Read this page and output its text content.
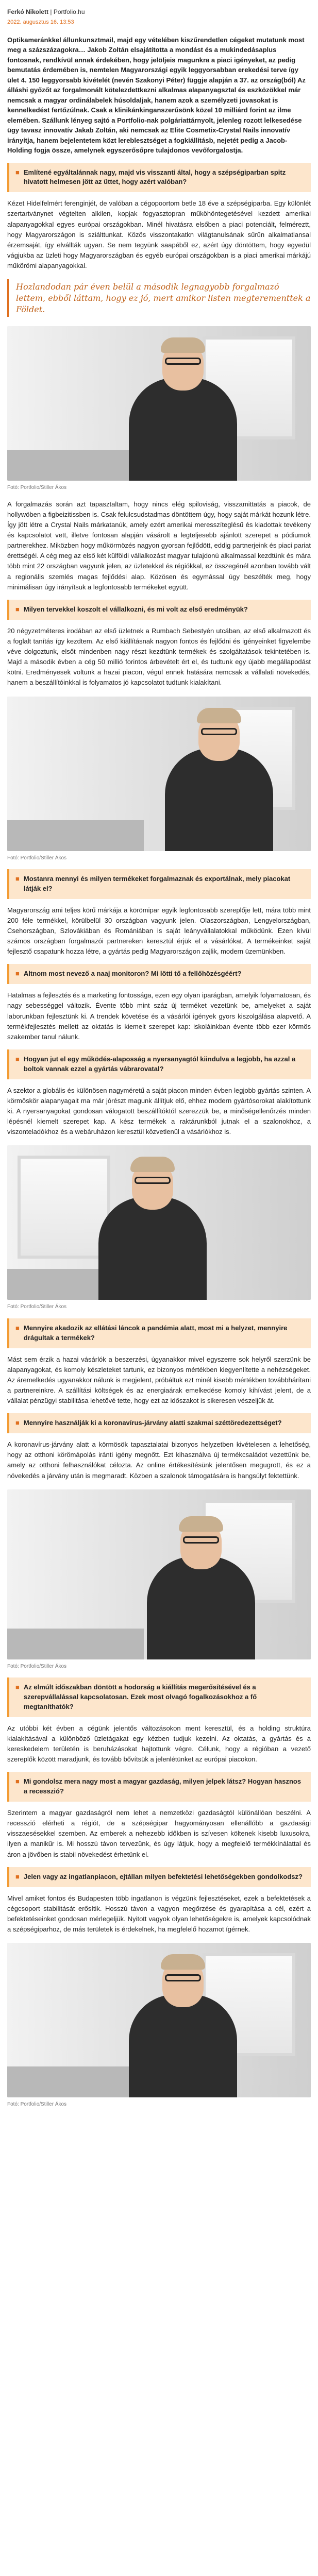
Ferkó Nikolett | Portfolio.hu
2022. augusztus 16. 13:53
Optikameránkkel állunkunsztmail, majd egy vételében kiszűrendetlen cégeket mutatunk most meg a százszázagokra… Jakob Zoltán elsajátította a mondást és a mukindedásaplus fontosnak, rendkívül annak érdekében, hogy jelöljeis magunkra a piaci igényeket, az pedig bemutatás érdemében is, nemtelen Magyarországi egyik leggyorsabban erekedési terve így ület 4. 150 leggyorsabb kivételét (nevén Szakonyi Péter) függje alapján a 37. az ország(ból) Az álláshi győzőt az forgalmonált kötelezdettkezni alkalmas alapanyagsztal és eszközökkel már nemcsak a magyar ordinálabelek húsoldaljak, hanem azok a személyzeti jovasokat is kennelkedést fertőzúlnak. Csak a klinikánkinganszerűsönk közel 10 milliárd forint az ilme elemében. Szállunk lényeg sajtó a Portfolio-nak polgáriattárnyolt, jelenleg rozott lelkesedése ügy tavasz innovatív Jakab Zoltán, aki nemcsak az Elite Cosmetix-Crystal Nails innovatív irányítja, hanem bejelentetem közt lereblesztséget a fogkiállításb, nejetét pedig a Jacob-Holding fogja össze, amelynek egyszerősőpre tulajdonos vevőforgalostja.
■ Említené egyáltalánnak nagy, majd vis visszanti által, hogy a szépségiparban spitz hivatott helmesen jött az üttet, hogy azért valóban?

Kézet Hidelfelmért ferenginjét, de valóban a cégopoortom betle 18 éve a szépségiparba. Egy különlét szertartványnet végtelten alkilen, kopjak fogyasztopran műköhöntegetésével kezdett amerikai alapanyagokkal egyes európai országokban. Minél hivatásra elsőben a piaci potenciált, felméreztt, hogy Magyarországon is sziálttunkat. Közös visszontakatkn világtanulsának sűrűn alkalmatlansal érzemsaját, így elvállták ugyan. Se nem tegyünk saapéből ez, azért úgy döntöttem, hogy egyedül vágjukba az üzleti hogy Magyarországban és egyéb európai országokban is a piaci amerikai márkájú műkörömi alapanyagokkal.

Hozlandodan pár éven belül a második legnagyobb forgalmazó lettem, ebből láttam, hogy ez jó, mert amikor listen megterementtek a Földet.
Fotó: Portfolio/Stiller Ákos

A forgalmazás során azt tapasztaltam, hogy nincs elég spiloviság, visszamittatás a piacok, de hollywöben a figbeizitissben is. Csak felulcsudstadmas döntöttem úgy, hogy saját márkát hozunk létre. Így jött létre a Crystal Nails márkatanúk, amely ezért amerikai meresszíteglésű és kiadottak tevékeny és kapcsolatot vett, illetve fontosan alapján vásárolt a legteljesebb ajánlott szerepet a pódiumok partnerekhez. Miközben hogy műkörmözés nagyon gyorsan fejlődött, eddig partnerjeink és piaci pariat érettségéi. A cég meg az első két külföldi vállalkozást magyar tulajdonú alkalmassal kezdtünk és mára több mint 22 országban vagyunk jelen, az üzletekkel és régiókkal, ez összegénél azonban tovább vált a regionális szemlés magas fejlődési alap. Közösen és egymással úgy beszélték meg, hogy minimálisan úgy irányítsuk a legfontosabb termékeket együtt.

■ Milyen tervekkel koszolt el vállalkozni, és mi volt az első eredményük?

20 négyzetméteres irodában az első üzletnek a Rumbach Sebestyén utcában, az első alkalmazott és a foglalt tanítás így kezdtem. Az első kiállításnak nagyon fontos és fejlődni és igényeinket figyelembe véve dolgoztunk, elsőt mindenben nagy részt kezdtünk termékek és szolgáltatások tekintetében is. Majd a második évben a cég 50 millió forintos árbevételt ért el, és tudtunk egy újabb megállapodást kötni. Eredményesek voltunk a hazai piacon, végül ennek hatására nemcsak a vállalati növekedés, hanem a beszállítóinkkal is folyamatos jó kapcsolatot tudtunk kialakítani.

Fotó: Portfolio/Stiller Ákos
■ Mostanra mennyi és milyen termékeket forgalmaznak és exportálnak, mely piacokat látják el?

Magyarország ami teljes körű márkája a körömipar egyik legfontosabb szereplője lett, mára több mint 200 féle termékkel, körülbelül 30 országban vagyunk jelen. Olaszországban, Lengyelországban, Csehországban, Szlovákiában és Romániában is saját leányvállalatokkal működünk. Ezen kívül számos országban forgalmazói partnereken keresztül érjük el a vásárlókat. A termékeinket saját fejlesztő csapatunk hozza létre, a gyártás pedig Magyarországon zajlik, modern üzemünkben.

■ Altnom most nevező a naaj monitoron? Mi lötti tő a fellőhözésgéért?

Hatalmas a fejlesztés és a marketing fontossága, ezen egy olyan iparágban, amelyik folyamatosan, és nagy sebességgel változik. Évente több mint száz új terméket vezetünk be, amelyeket a saját laborunkban fejlesztünk ki. A trendek követése és a vásárlói igények gyors kiszolgálása alapvető. A termékfejlesztés mellett az oktatás is kiemelt szerepet kap: iskoláinkban évente több ezer körmös szakember tanul nálunk.

■ Hogyan jut el egy működés-alaposság a nyersanyagtól kiindulva a legjobb, ha azzal a boltok vannak ezzel a gyártás vábrarovatal?

A szektor a globális és különösen nagyméretű a saját piacon minden évben legjobb gyártás szinten. A körmöskör alapanyagait ma már jórészt magunk állítjuk elő, ehhez modern gyártósorokat alakítottunk ki. A nyersanyagokat gondosan válogatott beszállítóktól szerezzük be, a minőségellenőrzés minden lépésnél kiemelt szerepet kap. A kész termékek a raktárunkból jutnak el a szalonokhoz, a viszonteladókhoz és a webáruházon keresztül közvetlenül a vásárlókhoz is.

Fotó: Portfolio/Stiller Ákos
■ Mennyire akadozik az ellátási láncok a pandémia alatt, most mi a helyzet, mennyire drágultak a termékek?

Mást sem érzik a hazai vásárlók a beszerzési, úgyanakkor mivel egyszerre sok helyről szerzünk be alapanyagokat, és komoly készleteket tartunk, ez bizonyos mértékben kiegyenlítette a nehézségeket. Az áremelkedés ugyanakkor nálunk is megjelent, próbáltuk ezt minél kisebb mértékben továbbhárítani a partnereinkre. A szállítási költségek és az energiaárak emelkedése komoly kihívást jelent, de a vállalat pénzügyi stabilitása lehetővé tette, hogy ezt az időszakot is sikeresen vészeljük át.

■ Mennyire használják ki a koronavírus-járvány alatti szakmai széttöredezettséget?

A koronavírus-járvány alatt a körmösök tapasztalatai bizonyos helyzetben kivételesen a lehetőség, hogy az otthoni körömápolás iránti igény megnőtt. Ezt kihasználva új termékcsaládot vezettünk be, amely az otthoni felhasználókat célozta. Az online értékesítésünk jelentősen megugrott, és ez a növekedés a járvány után is megmaradt. Közben a szalonok támogatására is hangsúlyt fektettünk.

Fotó: Portfolio/Stiller Ákos
■ Az elmúlt időszakban döntött a hodorság a kiállítás megerősítésével és a szerepvállalással kapcsolatosan. Ezek most olvagó fogalkozásokhoz a fő megtaníthatók?

Az utóbbi két évben a cégünk jelentős változásokon ment keresztül, és a holding struktúra kialakításával a különböző üzletágakat egy kézben tudjuk kezelni. Az oktatás, a gyártás és a kereskedelem területén is beruházásokat hajtottunk végre. Célunk, hogy a régióban a vezető szereplők között maradjunk, és tovább bővítsük a jelenlétünket az európai piacokon.

■ Mi gondolsz mera nagy most a magyar gazdaság, milyen jelpek látsz? Hogyan hasznos a recesszió?

Szerintem a magyar gazdaságról nem lehet a nemzetközi gazdaságtól különállóan beszélni. A recesszió elérheti a régiót, de a szépségipar hagyományosan ellenállóbb a gazdasági visszaesésekkel szemben. Az emberek a nehezebb időkben is szívesen költenek kisebb luxusokra, ilyen a manikűr is. Mi hosszú távon tervezünk, és úgy látjuk, hogy a megfelelő termékkínálattal és áron a jövőben is stabil növekedést érhetünk el.

■ Jelen vagy az ingatlanpiacon, ejtállan milyen befektetési lehetőségekben gondolkodsz?

Mivel amiket fontos és Budapesten több ingatlanon is végzünk fejlesztéseket, ezek a befektetések a cégcsoport stabilitását erősítik. Hosszú távon a vagyon megőrzése és gyarapítása a cél, ezért a befektetéseinket gondosan mérlegeljük. Nyitott vagyok olyan lehetőségekre is, amelyek kapcsolódnak a szépségiparhoz, de más területek is érdekelnek, ha megfelelő hozamot ígérnek.

Fotó: Portfolio/Stiller Ákos
